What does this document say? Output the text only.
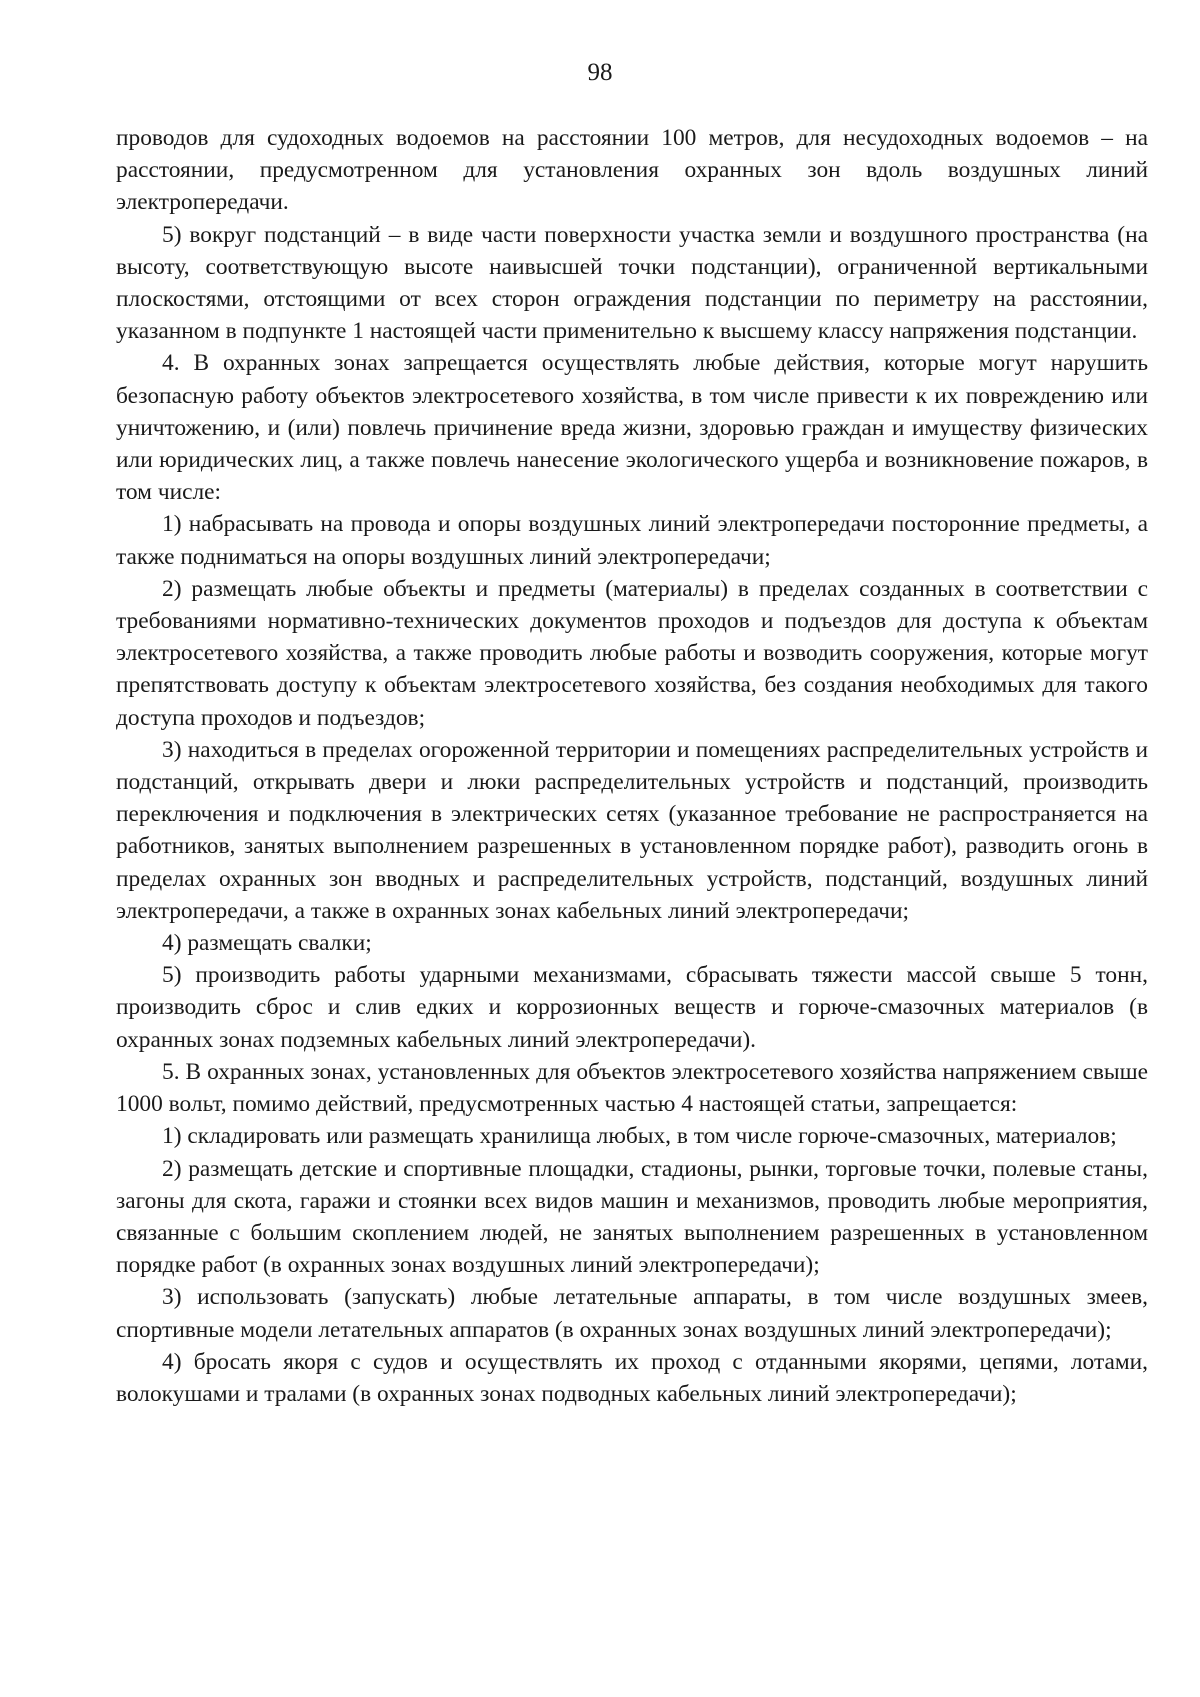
98

проводов для судоходных водоемов на расстоянии 100 метров, для несудоходных водоемов – на расстоянии, предусмотренном для установления охранных зон вдоль воздушных линий электропередачи.

5) вокруг подстанций – в виде части поверхности участка земли и воздушного пространства (на высоту, соответствующую высоте наивысшей точки подстанции), ограниченной вертикальными плоскостями, отстоящими от всех сторон ограждения подстанции по периметру на расстоянии, указанном в подпункте 1 настоящей части применительно к высшему классу напряжения подстанции.

4. В охранных зонах запрещается осуществлять любые действия, которые могут нарушить безопасную работу объектов электросетевого хозяйства, в том числе привести к их повреждению или уничтожению, и (или) повлечь причинение вреда жизни, здоровью граждан и имуществу физических или юридических лиц, а также повлечь нанесение экологического ущерба и возникновение пожаров, в том числе:

1) набрасывать на провода и опоры воздушных линий электропередачи посторонние предметы, а также подниматься на опоры воздушных линий электропередачи;

2) размещать любые объекты и предметы (материалы) в пределах созданных в соответствии с требованиями нормативно-технических документов проходов и подъездов для доступа к объектам электросетевого хозяйства, а также проводить любые работы и возводить сооружения, которые могут препятствовать доступу к объектам электросетевого хозяйства, без создания необходимых для такого доступа проходов и подъездов;

3) находиться в пределах огороженной территории и помещениях распределительных устройств и подстанций, открывать двери и люки распределительных устройств и подстанций, производить переключения и подключения в электрических сетях (указанное требование не распространяется на работников, занятых выполнением разрешенных в установленном порядке работ), разводить огонь в пределах охранных зон вводных и распределительных устройств, подстанций, воздушных линий электропередачи, а также в охранных зонах кабельных линий электропередачи;

4) размещать свалки;

5) производить работы ударными механизмами, сбрасывать тяжести массой свыше 5 тонн, производить сброс и слив едких и коррозионных веществ и горюче-смазочных материалов (в охранных зонах подземных кабельных линий электропередачи).

5. В охранных зонах, установленных для объектов электросетевого хозяйства напряжением свыше 1000 вольт, помимо действий, предусмотренных частью 4 настоящей статьи, запрещается:

1) складировать или размещать хранилища любых, в том числе горюче-смазочных, материалов;

2) размещать детские и спортивные площадки, стадионы, рынки, торговые точки, полевые станы, загоны для скота, гаражи и стоянки всех видов машин и механизмов, проводить любые мероприятия, связанные с большим скоплением людей, не занятых выполнением разрешенных в установленном порядке работ (в охранных зонах воздушных линий электропередачи);

3) использовать (запускать) любые летательные аппараты, в том числе воздушных змеев, спортивные модели летательных аппаратов (в охранных зонах воздушных линий электропередачи);

4) бросать якоря с судов и осуществлять их проход с отданными якорями, цепями, лотами, волокушами и тралами (в охранных зонах подводных кабельных линий электропередачи);
